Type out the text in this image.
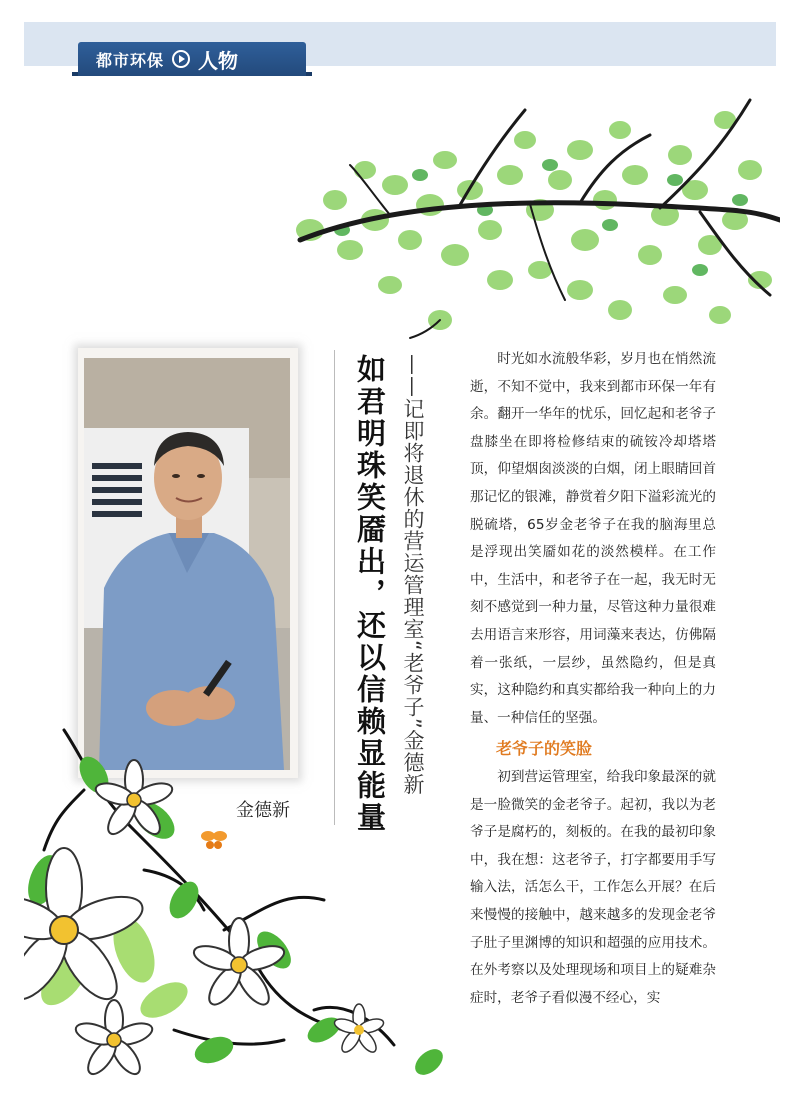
都市环保 人物
金德新 如君明珠笑靥出，还以信赖显能量 ——记即将退休的营运管理室“老爷子”金德新	时光如水流般华彩，岁月也在悄然流逝，不知不觉中，我来到都市环保一年有余。翻开一华年的忧乐，回忆起和老爷子盘膝坐在即将检修结束的硫铵冷却塔塔顶，仰望烟囱淡淡的白烟，闭上眼睛回首那记忆的银滩，静赏着夕阳下溢彩流光的脱硫塔，65岁金老爷子在我的脑海里总是浮现出笑靥如花的淡然模样。在工作中，生活中，和老爷子在一起，我无时无刻不感觉到一种力量，尽管这种力量很难去用语言来形容，用词藻来表达，仿佛隔着一张纸，一层纱，虽然隐约，但是真实，这种隐约和真实都给我一种向上的力量、一种信任的坚强。

老爷子的笑脸

初到营运管理室，给我印象最深的就是一脸微笑的金老爷子。起初，我以为老爷子是腐朽的，刻板的。在我的最初印象中，我在想：这老爷子，打字都要用手写输入法，活怎么干，工作怎么开展？在后来慢慢的接触中，越来越多的发现金老爷子肚子里渊博的知识和超强的应用技术。在外考察以及处理现场和项目上的疑难杂症时，老爷子看似漫不经心，实
